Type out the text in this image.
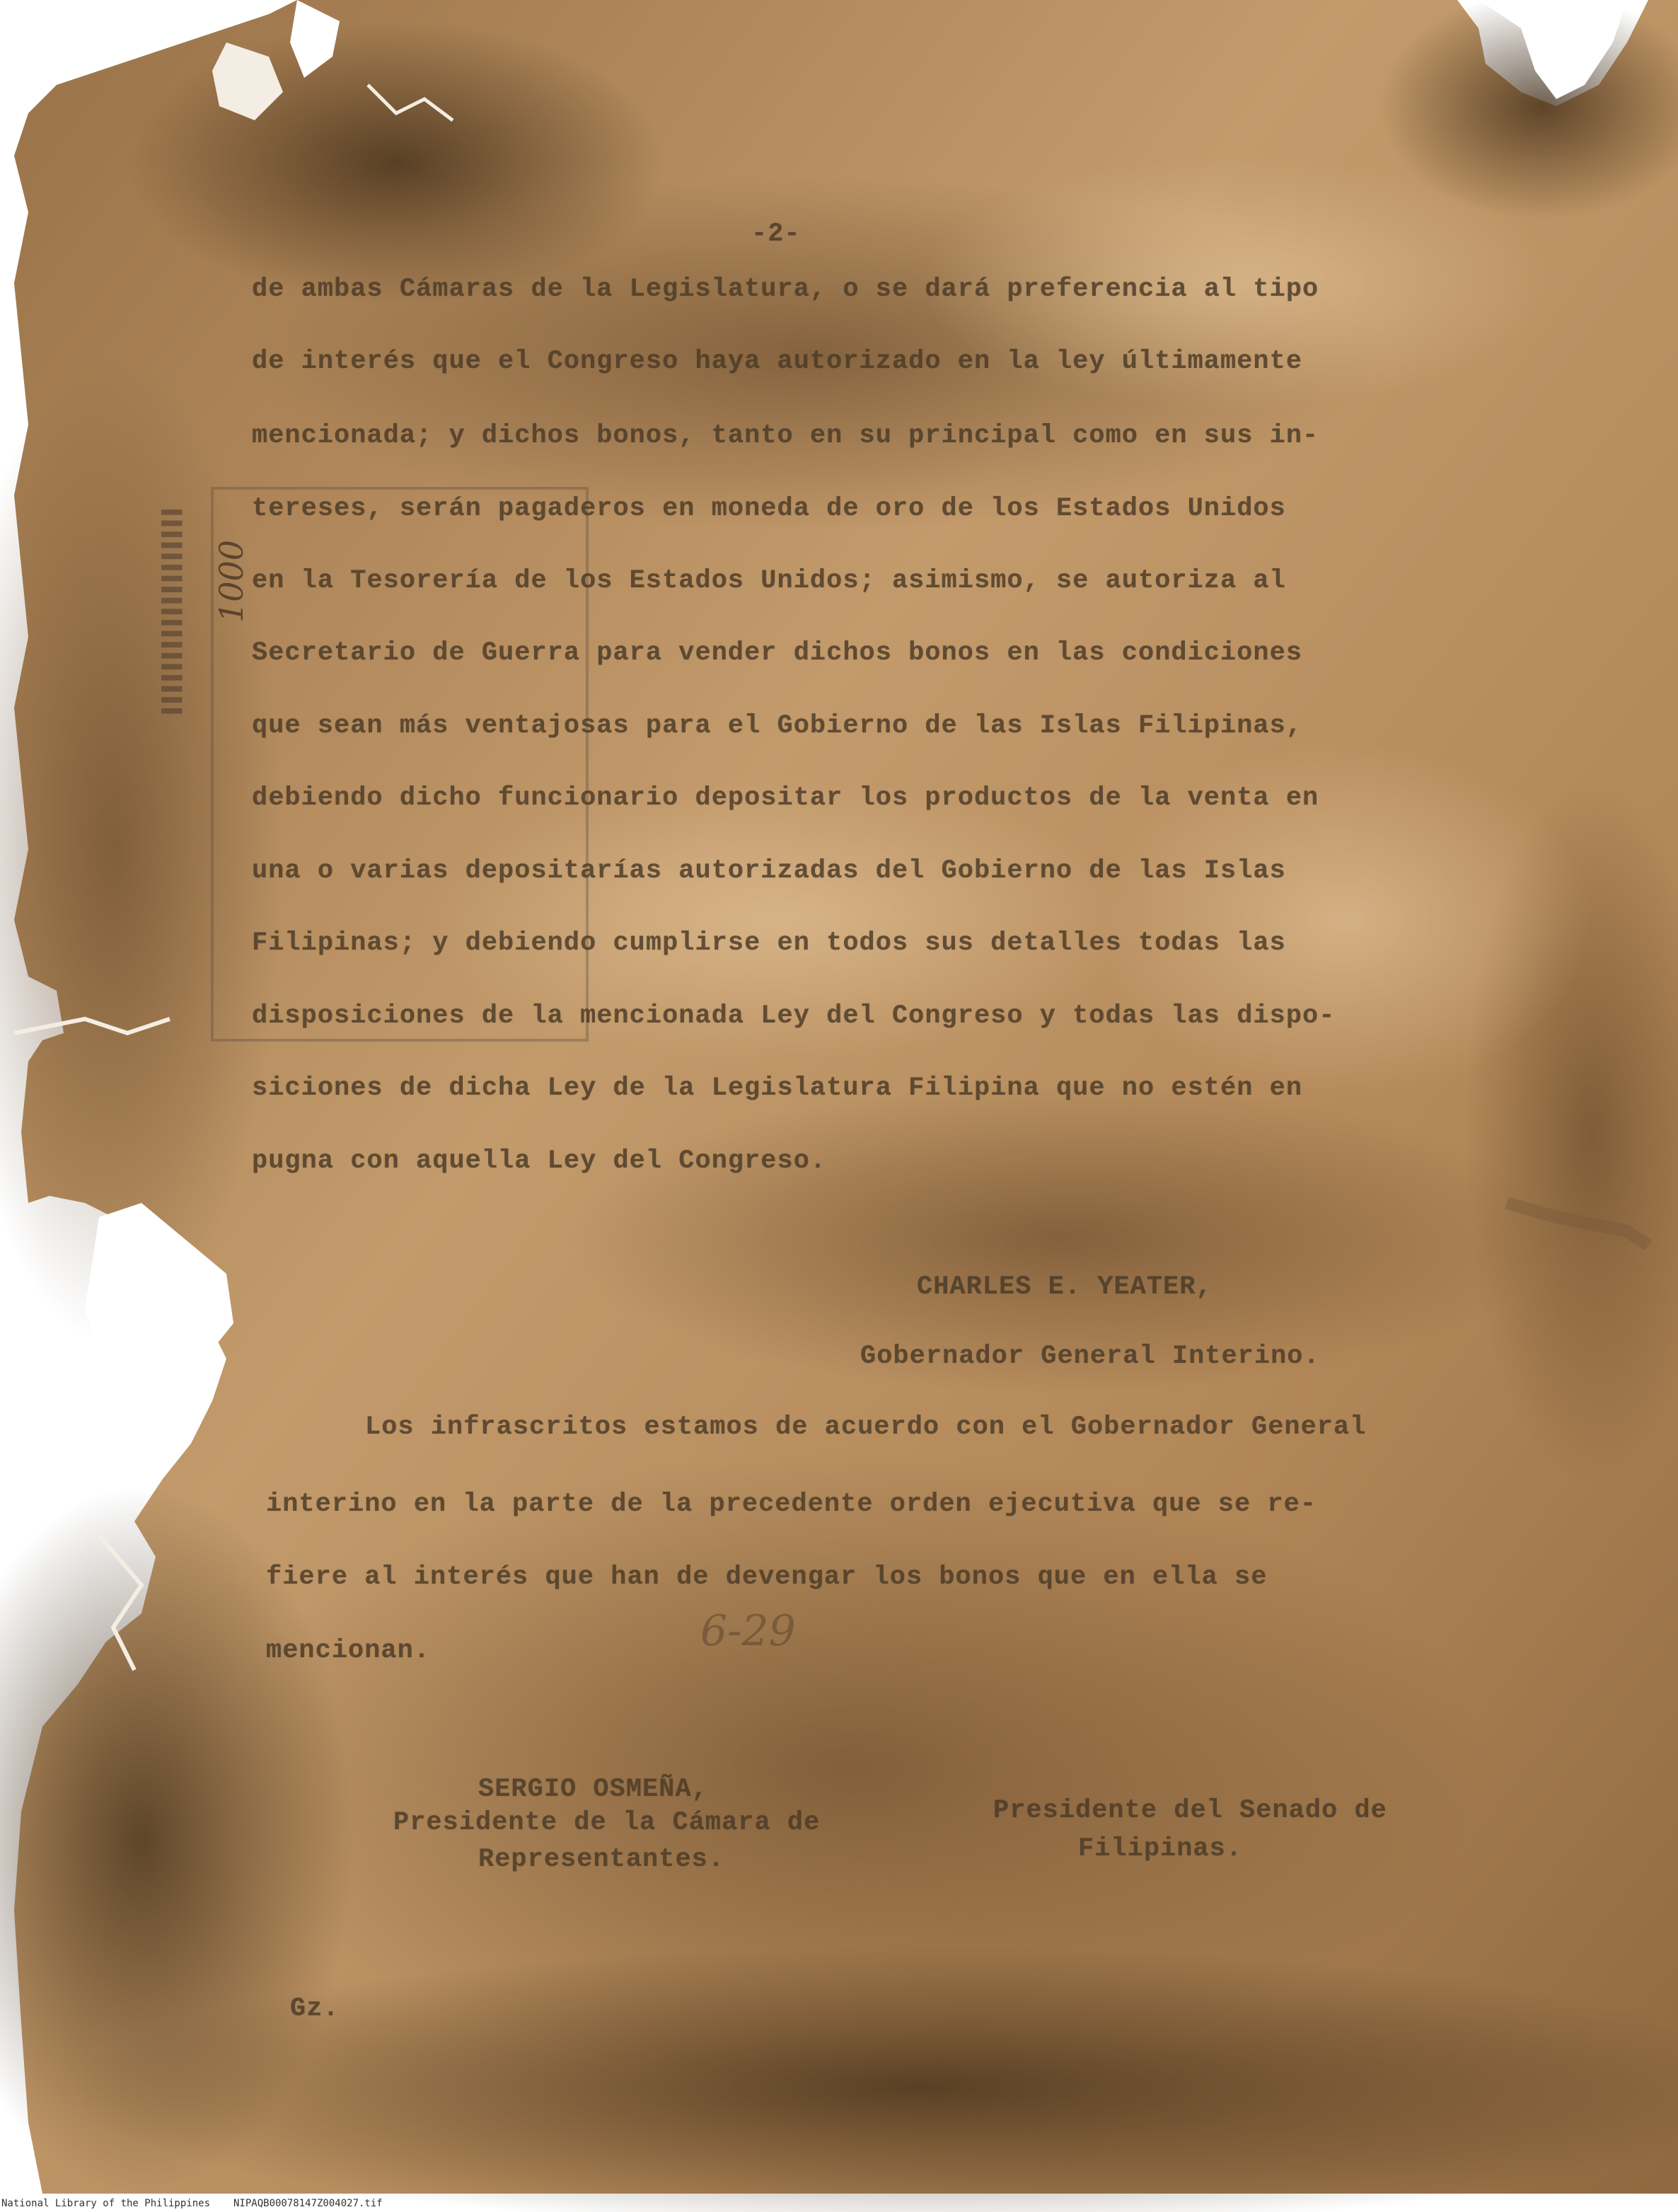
▌▌▌▌▌▌▌▌▌▌▌▌▌▌▌▌▌▌▌
-2-
de ambas Cámaras de la Legislatura, o se dará preferencia al tipo
de interés que el Congreso haya autorizado en la ley últimamente
mencionada; y dichos bonos, tanto en su principal como en sus in-
tereses, serán pagaderos en moneda de oro de los Estados Unidos
en la Tesorería de los Estados Unidos; asimismo, se autoriza al
Secretario de Guerra para vender dichos bonos en las condiciones
que sean más ventajosas para el Gobierno de las Islas Filipinas,
debiendo dicho funcionario depositar los productos de la venta en
una o varias depositarías autorizadas del Gobierno de las Islas
Filipinas; y debiendo cumplirse en todos sus detalles todas las
disposiciones de la mencionada Ley del Congreso y todas las dispo-
siciones de dicha Ley de la Legislatura Filipina que no estén en
pugna con aquella Ley del Congreso.
CHARLES E. YEATER,
Gobernador General Interino.
Los infrascritos estamos de acuerdo con el Gobernador General
interino en la parte de la precedente orden ejecutiva que se re-
fiere al interés que han de devengar los bonos que en ella se
mencionan.
SERGIO OSMEÑA,
Presidente de la Cámara de
Representantes.
Presidente del Senado de
Filipinas.
Gz.
1000
6-29
National Library of the Philippines NIPAQB00078147Z004027.tif
